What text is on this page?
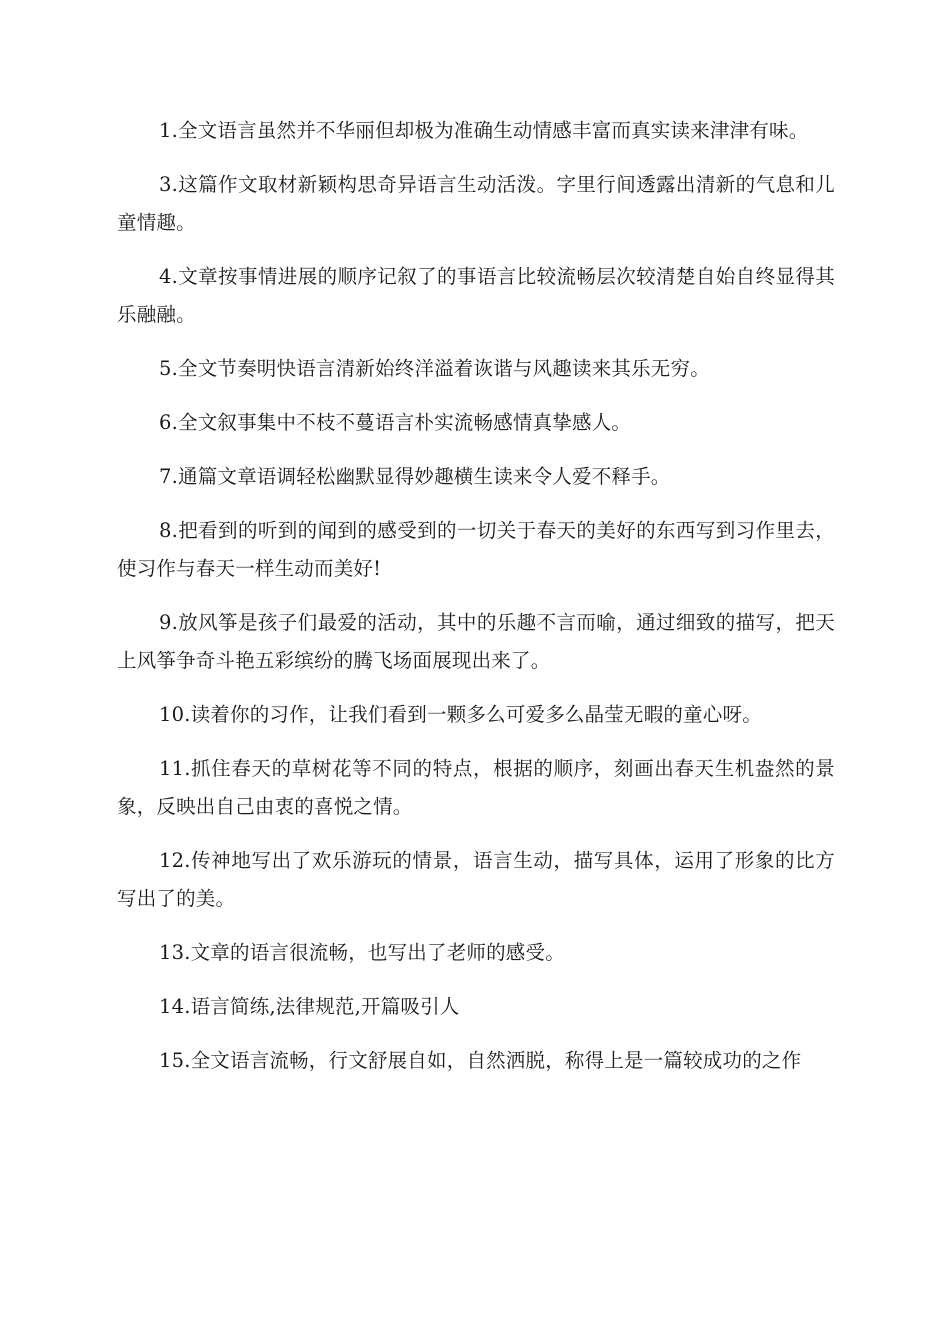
1.全文语言虽然并不华丽但却极为准确生动情感丰富而真实读来津津有味。

3.这篇作文取材新颖构思奇异语言生动活泼。字里行间透露出清新的气息和儿童情趣。

4.文章按事情进展的顺序记叙了的事语言比较流畅层次较清楚自始自终显得其乐融融。

5.全文节奏明快语言清新始终洋溢着诙谐与风趣读来其乐无穷。

6.全文叙事集中不枝不蔓语言朴实流畅感情真挚感人。

7.通篇文章语调轻松幽默显得妙趣横生读来令人爱不释手。

8.把看到的听到的闻到的感受到的一切关于春天的美好的东西写到习作里去，使习作与春天一样生动而美好!

9.放风筝是孩子们最爱的活动，其中的乐趣不言而喻，通过细致的描写，把天上风筝争奇斗艳五彩缤纷的腾飞场面展现出来了。

10.读着你的习作，让我们看到一颗多么可爱多么晶莹无暇的童心呀。

11.抓住春天的草树花等不同的特点，根据的顺序，刻画出春天生机盎然的景象，反映出自己由衷的喜悦之情。

12.传神地写出了欢乐游玩的情景，语言生动，描写具体，运用了形象的比方写出了的美。

13.文章的语言很流畅，也写出了老师的感受。

14.语言简练,法律规范,开篇吸引人

15.全文语言流畅，行文舒展自如，自然洒脱，称得上是一篇较成功的之作
